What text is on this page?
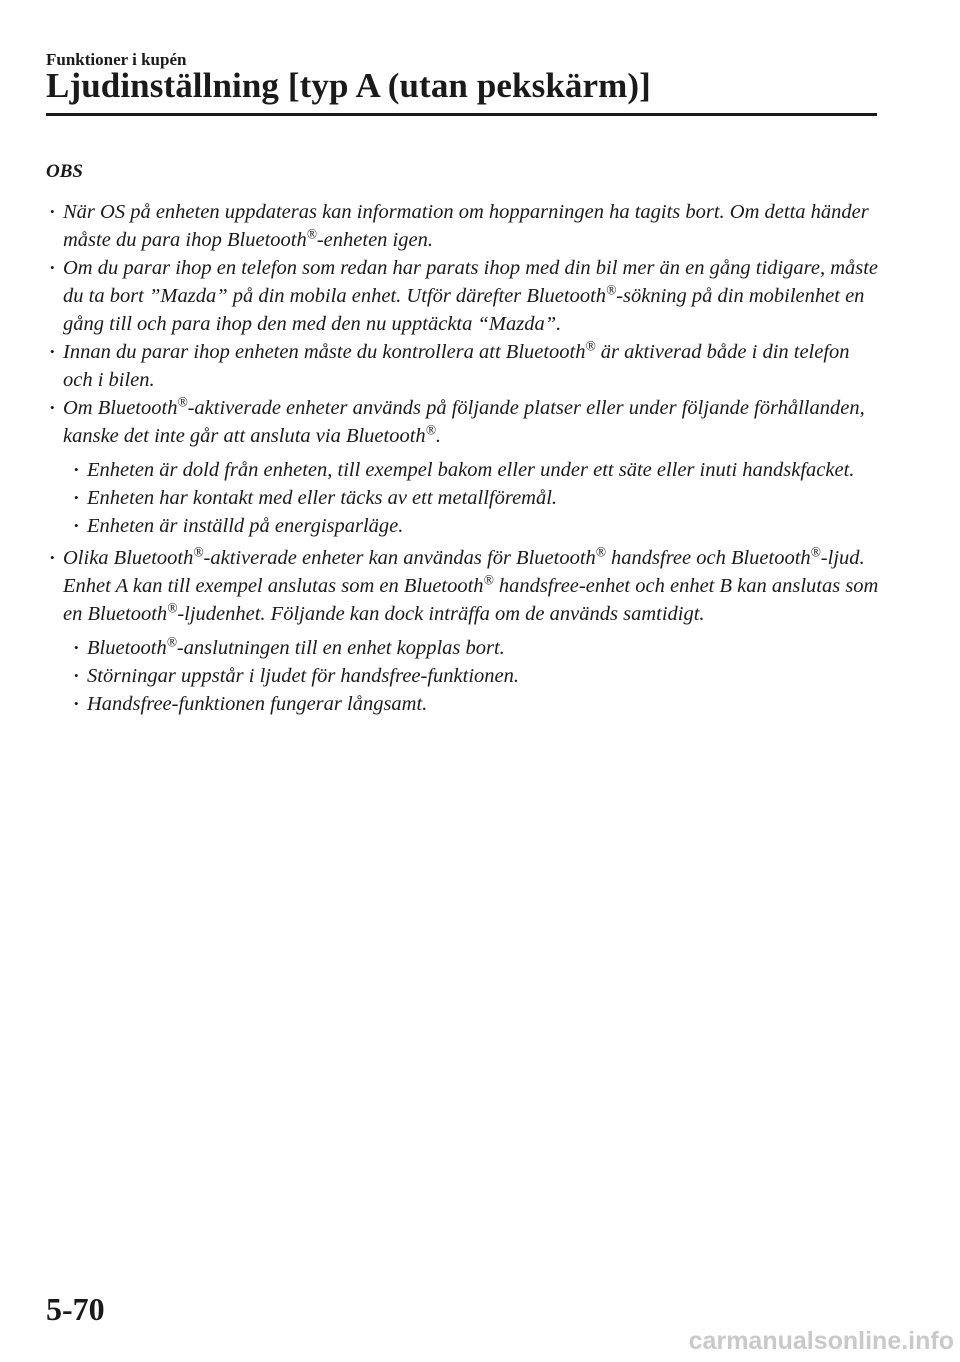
Funktioner i kupén
Ljudinställning [typ A (utan pekskärm)]
OBS
• När OS på enheten uppdateras kan information om hopparningen ha tagits bort. Om detta händer måste du para ihop Bluetooth®-enheten igen.
• Om du parar ihop en telefon som redan har parats ihop med din bil mer än en gång tidigare, måste du ta bort ”Mazda” på din mobila enhet. Utför därefter Bluetooth®-sökning på din mobilenhet en gång till och para ihop den med den nu upptäckta “Mazda”.
• Innan du parar ihop enheten måste du kontrollera att Bluetooth® är aktiverad både i din telefon och i bilen.
• Om Bluetooth®-aktiverade enheter används på följande platser eller under följande förhållanden, kanske det inte går att ansluta via Bluetooth®.
• Enheten är dold från enheten, till exempel bakom eller under ett säte eller inuti handskfacket.
• Enheten har kontakt med eller täcks av ett metallföremål.
• Enheten är inställd på energisparläge.
• Olika Bluetooth®-aktiverade enheter kan användas för Bluetooth® handsfree och Bluetooth®-ljud. Enhet A kan till exempel anslutas som en Bluetooth® handsfree-enhet och enhet B kan anslutas som en Bluetooth®-ljudenhet. Följande kan dock inträffa om de används samtidigt.
• Bluetooth®-anslutningen till en enhet kopplas bort.
• Störningar uppstår i ljudet för handsfree-funktionen.
• Handsfree-funktionen fungerar långsamt.
5-70
carmanualsonline.info
